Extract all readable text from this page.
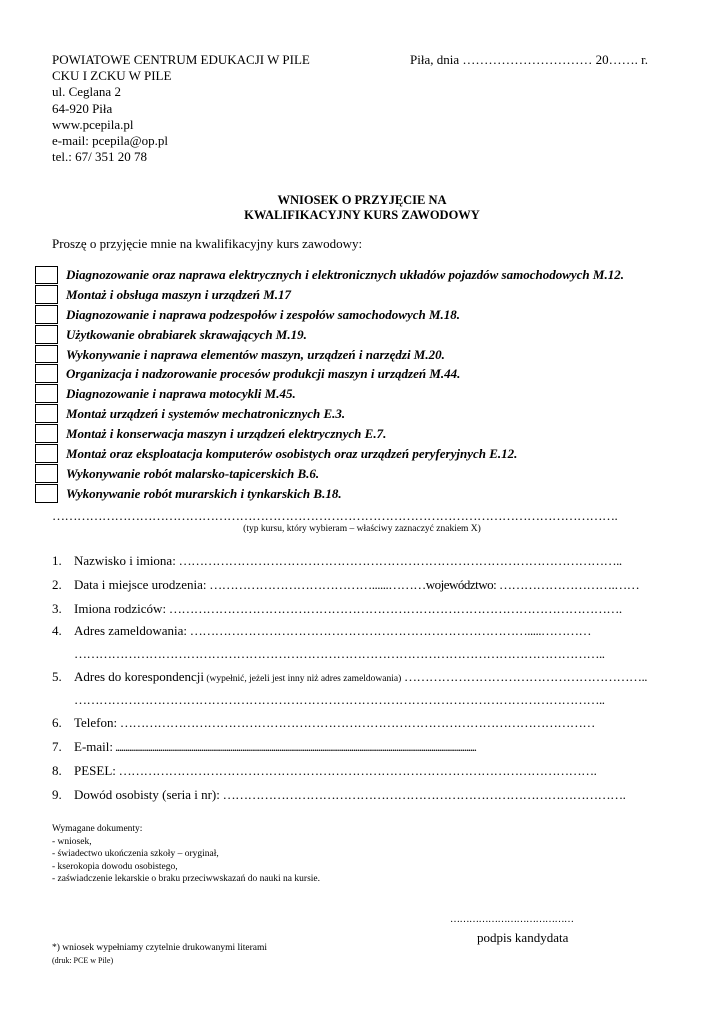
POWIATOWE CENTRUM EDUKACJI W PILE
CKU I ZCKU W PILE
ul. Ceglana 2
64-920 Piła
www.pcepila.pl
e-mail: pcepila@op.pl
tel.: 67/ 351 20 78
Piła, dnia ………………………… 20……. r.
WNIOSEK O PRZYJĘCIE NA
KWALIFIKACYJNY KURS ZAWODOWY
Proszę o przyjęcie mnie na kwalifikacyjny kurs zawodowy:
Diagnozowanie oraz naprawa elektrycznych i elektronicznych układów pojazdów samochodowych M.12.
Montaż i obsługa maszyn i urządzeń M.17
Diagnozowanie i naprawa podzespołów i zespołów samochodowych M.18.
Użytkowanie obrabiarek skrawających M.19.
Wykonywanie i naprawa elementów maszyn, urządzeń i narzędzi M.20.
Organizacja i nadzorowanie procesów produkcji maszyn i urządzeń M.44.
Diagnozowanie i naprawa motocykli M.45.
Montaż urządzeń i systemów mechatronicznych E.3.
Montaż i konserwacja maszyn i urządzeń elektrycznych E.7.
Montaż oraz eksploatacja komputerów osobistych oraz urządzeń peryferyjnych E.12.
Wykonywanie robót malarsko-tapicerskich B.6.
Wykonywanie robót murarskich i tynkarskich B.18.
……………………………………………………………………………………………………………………….
(typ kursu, który wybieram – właściwy zaznaczyć znakiem X)
1. Nazwisko i imiona: ……………………………………………………………………………………………..
2. Data i miejsce urodzenia: …………………………………......………województwo: ……………………….……
3. Imiona rodziców: ……………………………………………………………………………………………….
4. Adres zameldowania: ……………………………………………………………………….....…………
………………………………………………………………………………………………………………..
5. Adres do korespondencji (wypełnić, jeżeli jest inny niż adres zameldowania) …………………………………………………..
………………………………………………………………………………………………………………..
6. Telefon: ……………………………………………………………………………………………………
7. E-mail: .........................................................................................................................................................................................
8. PESEL: …………………………………………………………………………………………………….
9. Dowód osobisty (seria i nr): …………………………………………………………………………………….
Wymagane dokumenty:
- wniosek,
- świadectwo ukończenia szkoły – oryginał,
- kserokopia dowodu osobistego,
- zaświadczenie lekarskie o braku przeciwwskazań do nauki na kursie.
…………………………………
podpis kandydata
*) wniosek wypełniamy czytelnie drukowanymi literami
(druk: PCE w Pile)
